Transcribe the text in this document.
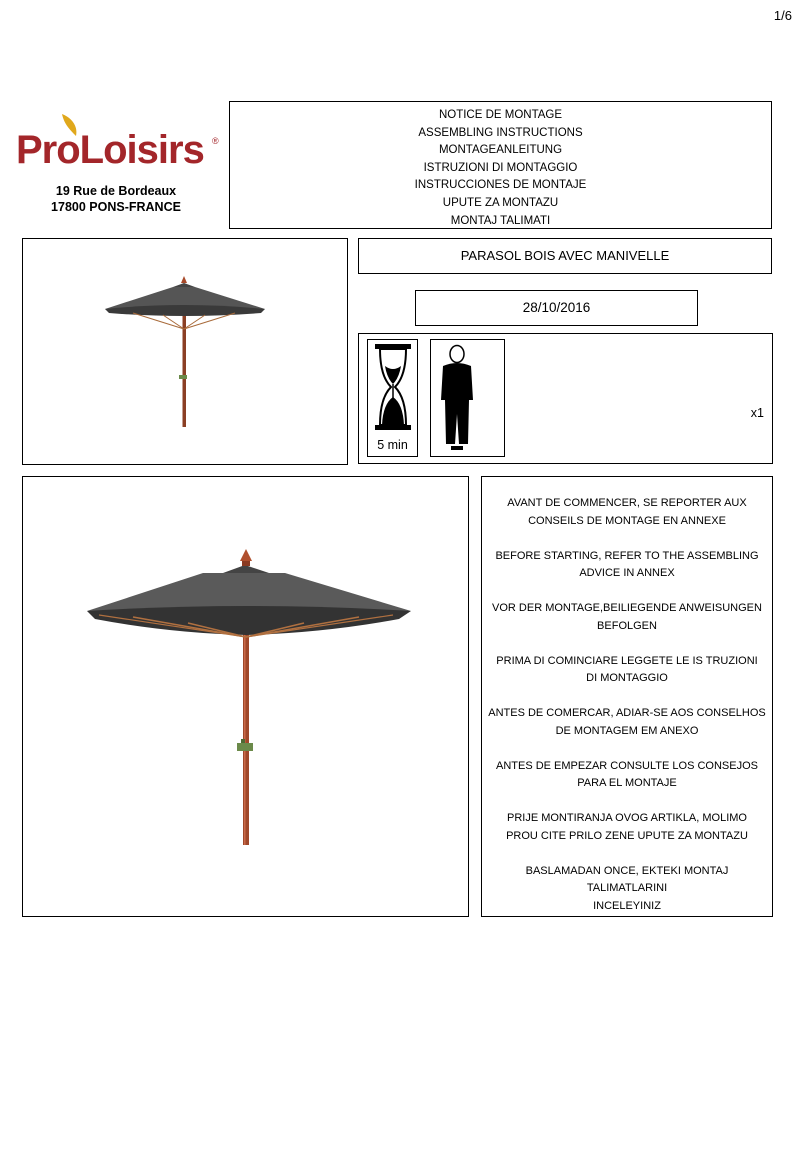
1/6
ProLoisirs ®
19 Rue de Bordeaux
17800 PONS-FRANCE
NOTICE DE MONTAGE
ASSEMBLING INSTRUCTIONS
MONTAGEANLEITUNG
ISTRUZIONI DI MONTAGGIO
INSTRUCCIONES DE MONTAJE
UPUTE ZA MONTAZU
MONTAJ TALIMATI
PARASOL BOIS AVEC MANIVELLE
28/10/2016
5 min
x1
AVANT DE COMMENCER, SE REPORTER AUX
CONSEILS DE MONTAGE EN ANNEXE
BEFORE STARTING, REFER TO THE ASSEMBLING
ADVICE IN ANNEX
VOR DER MONTAGE,BEILIEGENDE ANWEISUNGEN
BEFOLGEN
PRIMA DI COMINCIARE LEGGETE LE IS TRUZIONI
DI MONTAGGIO
ANTES DE COMERCAR, ADIAR-SE AOS CONSELHOS
DE MONTAGEM EM ANEXO
ANTES DE EMPEZAR CONSULTE LOS CONSEJOS
PARA EL MONTAJE
PRIJE MONTIRANJA OVOG ARTIKLA, MOLIMO
PROU CITE PRILO ZENE UPUTE ZA MONTAZU
BASLAMADAN ONCE, EKTEKI MONTAJ TALIMATLARINI
INCELEYINIZ
